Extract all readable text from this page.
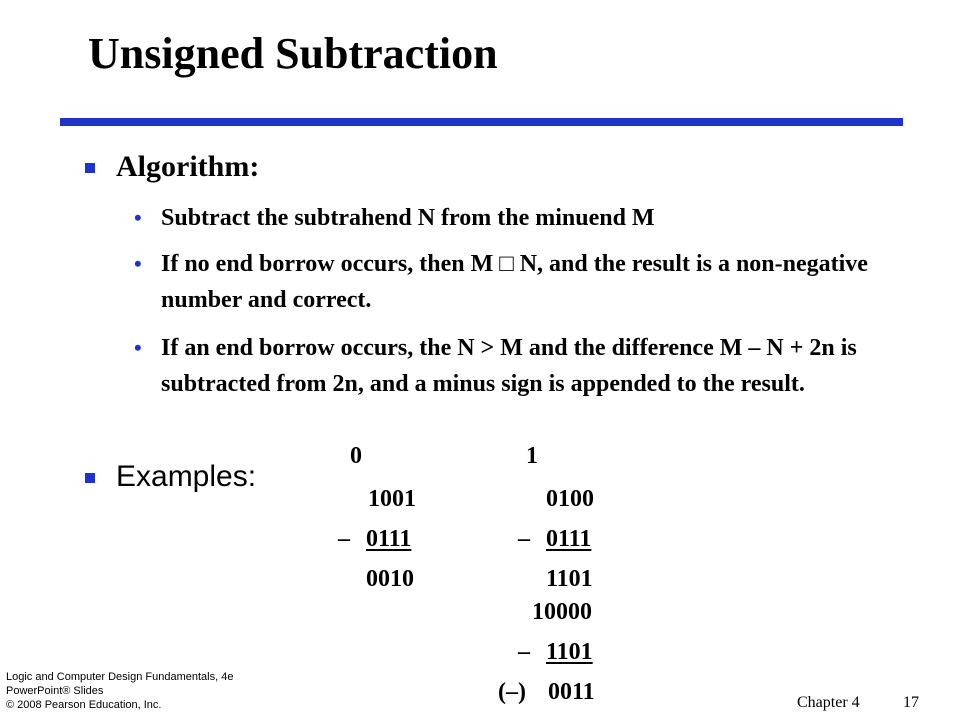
Unsigned Subtraction
Algorithm:
• Subtract the subtrahend N from the minuend M
• If no end borrow occurs, then M □ N, and the result is a non-negative number and correct.
• If an end borrow occurs, the N > M and the difference M – N + 2n is subtracted from 2n, and a minus sign is appended to the result.
Examples:
0
1001
– 0111
0010
1
0100
– 0111
1101
10000
– 1101
(–) 0011
Logic and Computer Design Fundamentals, 4e
PowerPoint® Slides
© 2008 Pearson Education, Inc.	Chapter 4	17
